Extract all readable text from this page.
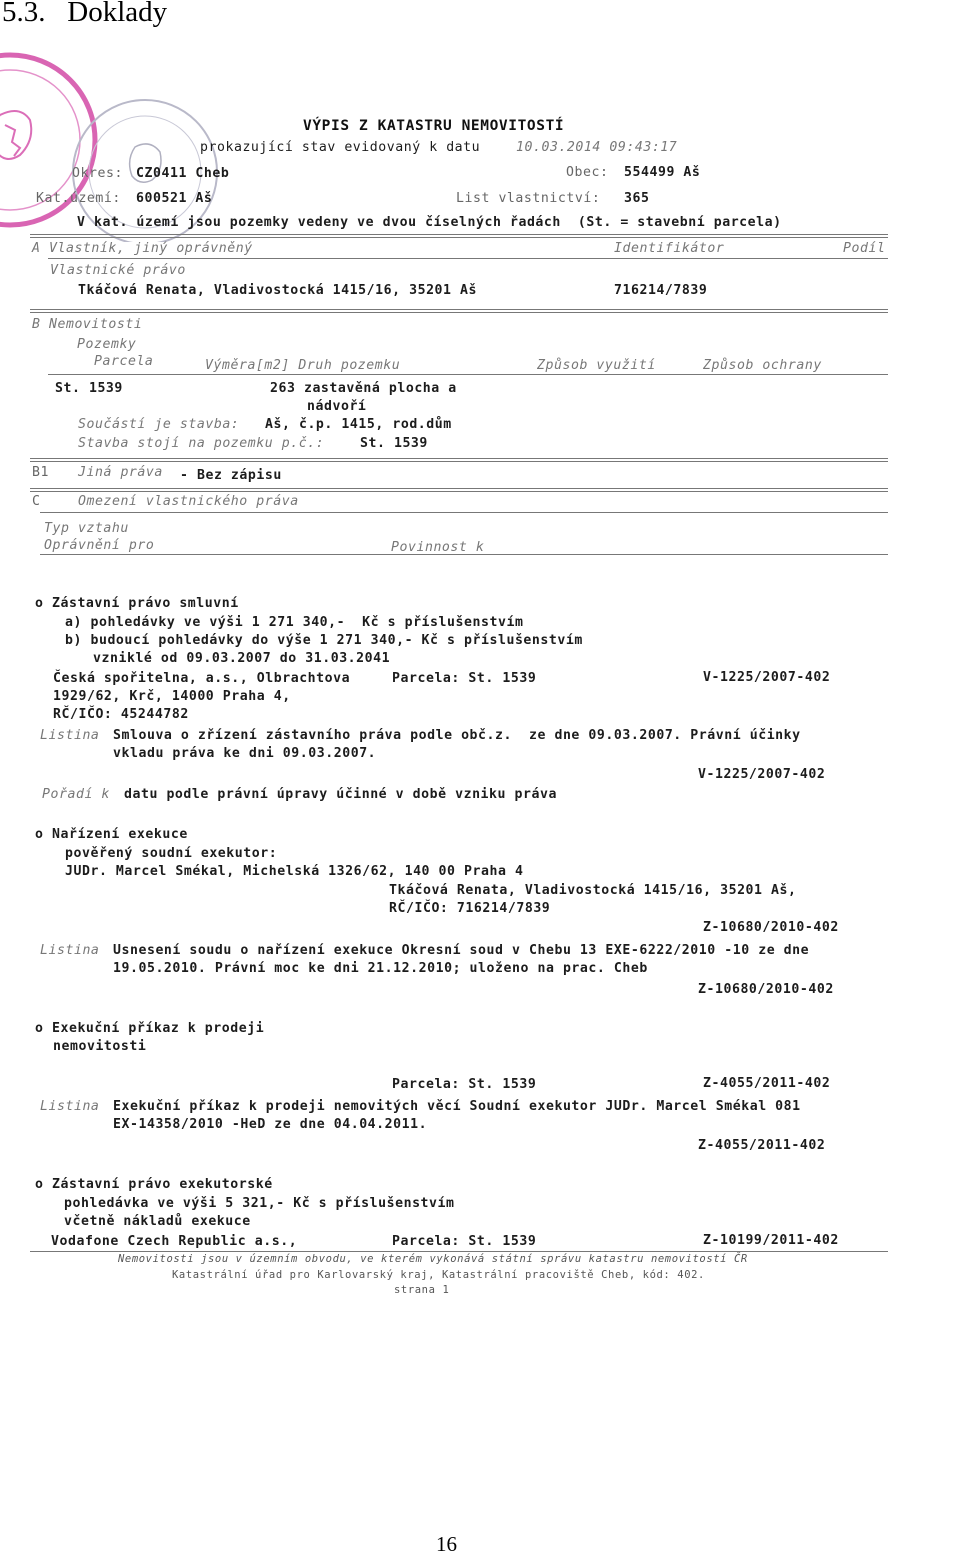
5.3.   Doklady
VÝPIS Z KATASTRU NEMOVITOSTÍ
prokazující stav evidovaný k datu	10.03.2014 09:43:17
Okres: CZ0411 Cheb	Obec: 554499 Aš
Kat.území: 600521 Aš	List vlastnictví: 365
V kat. území jsou pozemky vedeny ve dvou číselných řadách  (St. = stavební parcela)
A Vlastník, jiný oprávněný	Identifikátor	Podíl
Vlastnické právo
Tkáčová Renata, Vladivostocká 1415/16, 35201 Aš	716214/7839
B Nemovitosti
Pozemky
Parcela	Výměra[m2] Druh pozemku	Způsob využití	Způsob ochrany
St. 1539	263 zastavěná plocha a
nádvoří
Součástí je stavba: Aš, č.p. 1415, rod.dům
Stavba stojí na pozemku p.č.:	St. 1539
B1 Jiná práva - Bez zápisu
C	Omezení vlastnického práva
Typ vztahu
Oprávnění pro	Povinnost k
o Zástavní právo smluvní
a) pohledávky ve výši 1 271 340,-  Kč s příslušenstvím
b) budoucí pohledávky do výše 1 271 340,- Kč s příslušenstvím
vzniklé od 09.03.2007 do 31.03.2041
Česká spořitelna, a.s., Olbrachtova	Parcela: St. 1539	V-1225/2007-402
1929/62, Krč, 14000 Praha 4,
RČ/IČO: 45244782
Listina Smlouva o zřízení zástavního práva podle obč.z.  ze dne 09.03.2007. Právní účinky
vkladu práva ke dni 09.03.2007.
V-1225/2007-402
Pořadí k datu podle právní úpravy účinné v době vzniku práva
o Nařízení exekuce
pověřený soudní exekutor:
JUDr. Marcel Smékal, Michelská 1326/62, 140 00 Praha 4
Tkáčová Renata, Vladivostocká 1415/16, 35201 Aš,
RČ/IČO: 716214/7839
Z-10680/2010-402
Listina Usnesení soudu o nařízení exekuce Okresní soud v Chebu 13 EXE-6222/2010 -10 ze dne
19.05.2010. Právní moc ke dni 21.12.2010; uloženo na prac. Cheb
Z-10680/2010-402
o Exekuční příkaz k prodeji
nemovitosti
Parcela: St. 1539	Z-4055/2011-402
Listina Exekuční příkaz k prodeji nemovitých věcí Soudní exekutor JUDr. Marcel Smékal 081
EX-14358/2010 -HeD ze dne 04.04.2011.
Z-4055/2011-402
o Zástavní právo exekutorské
pohledávka ve výši 5 321,- Kč s příslušenstvím
včetně nákladů exekuce
Vodafone Czech Republic a.s.,	Parcela: St. 1539	Z-10199/2011-402
Nemovitosti jsou v územním obvodu, ve kterém vykonává státní správu katastru nemovitostí ČR
Katastrální úřad pro Karlovarský kraj, Katastrální pracoviště Cheb, kód: 402.
strana 1
16
